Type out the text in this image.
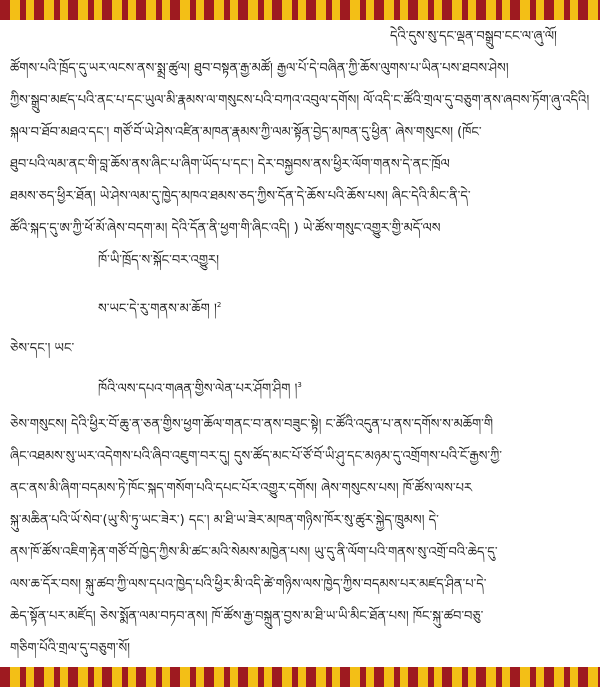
དེའི་དུས་སུ་དང་ལྡན་བསྒྲུབ་ངང་ལ་ཞུ་ལོ།
ཚོགས་པའི་ཁྲོད་དུ་ཡར་ལངས་ནས་སྨྲ་ཚུལ། ཐུབ་བསྟན་རྒྱ་མཚོ། རྒྱལ་པོ་དེ་བཞིན་ཀྱི་ཆོས་ལུགས་པ་ཡིན་པས་ཐབས་ཤེས།
ཀྱིས་སྒྲུབ་མཛད་པའི་ནང་པ་དང་ཡུལ་མི་རྣམས་ལ་གསུངས་པའི་བཀའ་འབུལ་དགོས། ལོ་འདི་ང་ཚོའི་གྲལ་དུ་བཅུག་ནས་ཞབས་ཏོག་ཞུ་འདིའི།
སྐལ་བ་ཐོབ་མཐའ་དང་། གཙོ་བོ་ཡེ་ཤེས་འཛིན་མཁན་རྣམས་ཀྱི་ལམ་སྟོན་བྱེད་མཁན་དུ་ཕྱིན་ ཞེས་གསུངས། (ཁོང་
ཐུབ་པའི་ལམ་ནང་གི་བླ་ཆོས་ནས་ཞིང་པ་ཞིག་ཡོད་པ་དང་། དེར་བསྐྱབས་ནས་ཕྱིར་ལོག་གནས་དེ་ནང་ཁྲོལ
ཐམས་ཅད་ཕྱིར་ཐོན། ཡེ་ཤེས་ལམ་དུ་ཁྱེད་མཁའ་ཐམས་ཅད་ཀྱིས་དོན་དེ་ཆོས་པའི་ཆོས་པས། ཞིང་དེའི་མིང་ནི་དེ་
ཚོའི་སྐད་དུ་ཨ་ཀྱི་ཕོ་མོ་ཞེས་བདག་མ། དེའི་དོན་ནི་ཕྱག་གི་ཞིང་འདི། ) ཡེ་ཚོས་གསུང་འགྱུར་གྱི་མདོ་ལས
ཁོ་ཡི་ཁྲོད་ས་སྐོང་བར་འགྱུར།
ས་ཡང་དེ་རུ་གནས་མ་ཆོག །$^2$
ཅེས་དང་། ཡང་
ཁོའི་ལས་དཔའ་གཞན་གྱིས་ལེན་པར་ཤོག་ཤིག །$^3$
ཅེས་གསུངས། དེའི་ཕྱིར་བོ་ཆུ་ན་ཅན་གྱིས་ཕྱག་ཆོལ་གནང་བ་ནས་བཟུང་སྟེ། ང་ཚོའི་འདུན་པ་ནས་དགོས་ས་མཆོག་གི
ཞིང་འཐམས་སུ་ཡར་འདེགས་པའི་ཞིབ་འཇུག་བར་དུ། དུས་ཚོད་མང་པོ་ཙོ་བོ་ཡི་ཤུ་དང་མཉམ་དུ་འགྲོགས་པའི་ངོ་རྒྱས་ཀྱི་
ནང་ནས་མི་ཞིག་བདམས་ཏེ་ཁོང་སྐད་གསོག་པའི་དཔང་པོར་འགྱུར་དགོས། ཞེས་གསུངས་པས། ཁོ་ཚོས་ལས་པར
སྐུ་མཆིན་པའི་ཡོ་སེབ་(ཡུ་སི་ཏུ་ཡང་ཟེར་) དང་། མ་ཐི་ཡ་ཟེར་མཁན་གཉིས་ཁོར་སུ་ཚུར་སྐྱེད་ཁྲུམས། དེ་
ནས་ཁོ་ཚོས་འཇིག་རྟེན་གཙོ་བོ་ཁྱེད་ཀྱིས་མི་ཚང་མའི་སེམས་མཁྱེན་པས། ཡུ་དུ་ནི་ལོག་པའི་གནས་སུ་འགྲོ་བའི་ཆེད་དུ་
ལས་ཆ་དོར་བས། སྐུ་ཚབ་ཀྱི་ལས་དཔའ་ཁྱེད་པའི་ཕྱིར་མི་འདི་ཚེ་གཉིས་ལས་ཁྱེད་ཀྱིས་བདམས་པར་མཛད་ཤིན་པ་དེ་
ཆེད་སྟོན་པར་མཛོད། ཅེས་སྨོན་ལམ་བཏབ་ནས། ཁོ་ཚོས་རྒྱ་བསྐྲུན་བྱས་མ་ཐི་ཡ་ཡི་མིང་ཐོན་པས། ཁོང་སྐུ་ཚབ་བཅུ་
གཅིག་པོའི་གྲལ་དུ་བཅུག་སོ།
